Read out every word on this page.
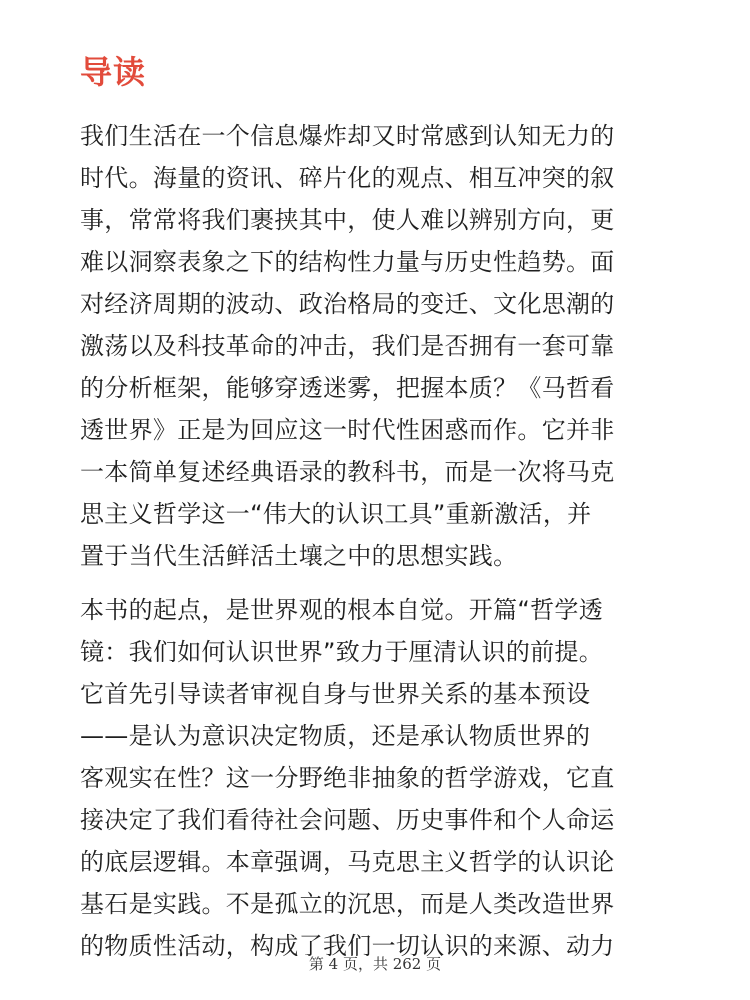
导读

我们生活在一个信息爆炸却又时常感到认知无力的

时代。海量的资讯、碎片化的观点、相互冲突的叙

事，常常将我们裹挟其中，使人难以辨别方向，更

难以洞察表象之下的结构性力量与历史性趋势。面

对经济周期的波动、政治格局的变迁、文化思潮的

激荡以及科技革命的冲击，我们是否拥有一套可靠

的分析框架，能够穿透迷雾，把握本质？《马哲看

透世界》正是为回应这一时代性困惑而作。它并非

一本简单复述经典语录的教科书，而是一次将马克

思主义哲学这一“伟大的认识工具”重新激活，并

置于当代生活鲜活土壤之中的思想实践。

本书的起点，是世界观的根本自觉。开篇“哲学透

镜：我们如何认识世界”致力于厘清认识的前提。

它首先引导读者审视自身与世界关系的基本预设

——是认为意识决定物质，还是承认物质世界的

客观实在性？这一分野绝非抽象的哲学游戏，它直

接决定了我们看待社会问题、历史事件和个人命运

的底层逻辑。本章强调，马克思主义哲学的认识论

基石是实践。不是孤立的沉思，而是人类改造世界

的物质性活动，构成了我们一切认识的来源、动力

第 4 页，共 262 页
